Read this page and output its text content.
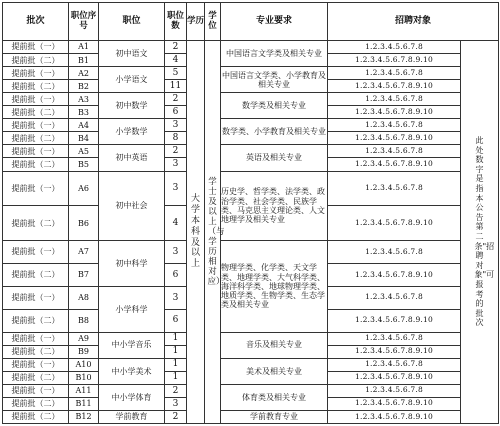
批次	职位序号	职位	职位数	学历	学位	专业要求	招聘对象	
提前批（一）	A1	初中语文	2	大学本科及以上	学士及以上（与学历相对应）	中国语言文学类及相关专业	1.2.3.4.5.6.7.8	此处数字是指本公告第二条"招聘对象"可报考的批次

提前批（二）	B1		4				1.2.3.4.5.6.7.8.9.10	
提前批（一）	A2	小学语文	5			中国语言文学类、小学教育及相关专业	1.2.3.4.5.6.7.8	
提前批（二）	B2		11				1.2.3.4.5.6.7.8.9.10	
提前批（一）	A3	初中数学	2			数学类及相关专业	1.2.3.4.5.6.7.8	
提前批（二）	B3		6				1.2.3.4.5.6.7.8.9.10	
提前批（一）	A4	小学数学	3			数学类、小学教育及相关专业	1.2.3.4.5.6.7.8	
提前批（二）	B4		8				1.2.3.4.5.6.7.8.9.10	
提前批（一）	A5	初中英语	2			英语及相关专业	1.2.3.4.5.6.7.8	
提前批（二）	B5		3				1.2.3.4.5.6.7.8.9.10	
提前批（一）	A6	初中社会	3			历史学、哲学类、法学类、政治学类、社会学类、民族学类、马克思主义理论类、人文地理学及相关专业	1.2.3.4.5.6.7.8	
提前批（二）	B6		4				1.2.3.4.5.6.7.8.9.10	
提前批（一）	A7	初中科学	3			物理学类、化学类、天文学类、地理学类、大气科学类、海洋科学类、地球物理学类、地质学类、生物学类、生态学类及相关专业	1.2.3.4.5.6.7.8	
提前批（二）	B7		6				1.2.3.4.5.6.7.8.9.10	
提前批（一）	A8	小学科学	3				1.2.3.4.5.6.7.8	
提前批（二）	B8		6				1.2.3.4.5.6.7.8.9.10	
提前批（一）	A9	中小学音乐	1			音乐及相关专业	1.2.3.4.5.6.7.8	
提前批（二）	B9		1				1.2.3.4.5.6.7.8.9.10	
提前批（一）	A10	中小学美术	1			美术及相关专业	1.2.3.4.5.6.7.8	
提前批（二）	B10		1				1.2.3.4.5.6.7.8.9.10	
提前批（一）	A11	中小学体育	2			体育类及相关专业	1.2.3.4.5.6.7.8	
提前批（二）	B11		3				1.2.3.4.5.6.7.8.9.10	
提前批（二）	B12	学前教育	2			学前教育专业	1.2.3.4.5.6.7.8.9.10	
